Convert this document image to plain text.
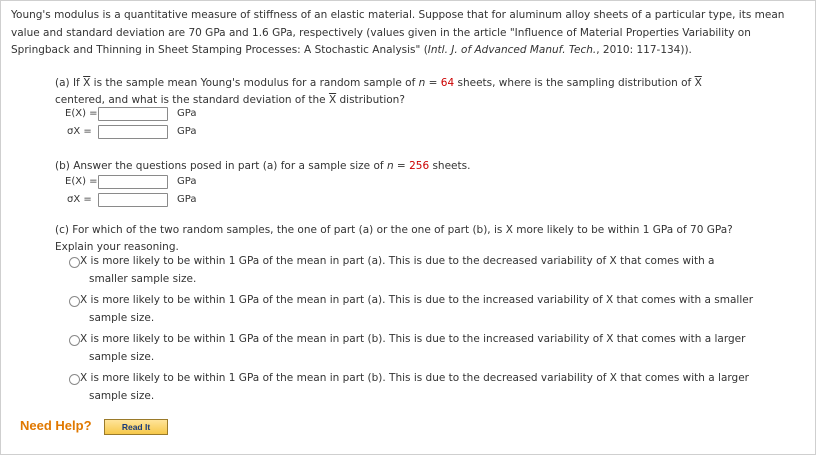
Young's modulus is a quantitative measure of stiffness of an elastic material. Suppose that for aluminum alloy sheets of a particular type, its mean value and standard deviation are 70 GPa and 1.6 GPa, respectively (values given in the article "Influence of Material Properties Variability on Springback and Thinning in Sheet Stamping Processes: A Stochastic Analysis" (Intl. J. of Advanced Manuf. Tech., 2010: 117-134)).
(a) If $\overline{X}$ is the sample mean Young's modulus for a random sample of n = 64 sheets, where is the sampling distribution of $\overline{X}$
centered, and what is the standard deviation of the $\overline{X}$ distribution?
E(X) =	GPa
σX =	GPa
(b) Answer the questions posed in part (a) for a sample size of n = 256 sheets.
E(X) =	GPa
σX =	GPa
(c) For which of the two random samples, the one of part (a) or the one of part (b), is X more likely to be within 1 GPa of 70 GPa?
Explain your reasoning.
X is more likely to be within 1 GPa of the mean in part (a). This is due to the decreased variability of X that comes with a
smaller sample size.
X is more likely to be within 1 GPa of the mean in part (a). This is due to the increased variability of X that comes with a smaller
sample size.
X is more likely to be within 1 GPa of the mean in part (b). This is due to the increased variability of X that comes with a larger
sample size.
X is more likely to be within 1 GPa of the mean in part (b). This is due to the decreased variability of X that comes with a larger
sample size.
Need Help?	Read It
